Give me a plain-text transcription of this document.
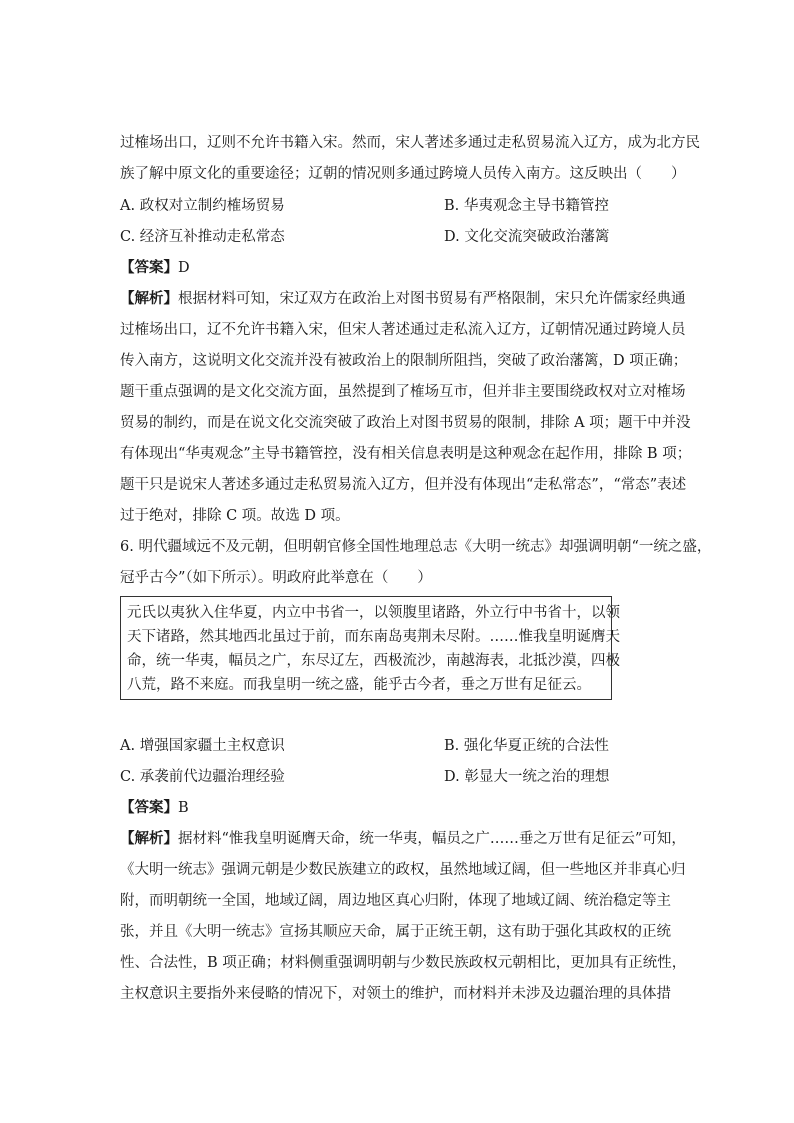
过榷场出口，辽则不允许书籍入宋。然而，宋人著述多通过走私贸易流入辽方，成为北方民
族了解中原文化的重要途径；辽朝的情况则多通过跨境人员传入南方。这反映出（　　）
A. 政权对立制约榷场贸易	B. 华夷观念主导书籍管控
C. 经济互补推动走私常态	D. 文化交流突破政治藩篱
【答案】D
【解析】根据材料可知，宋辽双方在政治上对图书贸易有严格限制，宋只允许儒家经典通
过榷场出口，辽不允许书籍入宋，但宋人著述通过走私流入辽方，辽朝情况通过跨境人员
传入南方，这说明文化交流并没有被政治上的限制所阻挡，突破了政治藩篱，D 项正确；
题干重点强调的是文化交流方面，虽然提到了榷场互市，但并非主要围绕政权对立对榷场
贸易的制约，而是在说文化交流突破了政治上对图书贸易的限制，排除 A 项；题干中并没
有体现出“华夷观念”主导书籍管控，没有相关信息表明是这种观念在起作用，排除 B 项；
题干只是说宋人著述多通过走私贸易流入辽方，但并没有体现出“走私常态”，“常态”表述
过于绝对，排除 C 项。故选 D 项。
6. 明代疆域远不及元朝，但明朝官修全国性地理总志《大明一统志》却强调明朝“一统之盛，
A. 增强国家疆土主权意识	B. 强化华夏正统的合法性
C. 承袭前代边疆治理经验	D. 彰显大一统之治的理想
【答案】B
【解析】据材料“惟我皇明诞膺天命，统一华夷，幅员之广……垂之万世有足征云”可知，
《大明一统志》强调元朝是少数民族建立的政权，虽然地域辽阔，但一些地区并非真心归
附，而明朝统一全国，地域辽阔，周边地区真心归附，体现了地域辽阔、统治稳定等主
张，并且《大明一统志》宣扬其顺应天命，属于正统王朝，这有助于强化其政权的正统
性、合法性，B 项正确；材料侧重强调明朝与少数民族政权元朝相比，更加具有正统性，
主权意识主要指外来侵略的情况下，对领土的维护，而材料并未涉及边疆治理的具体措
冠乎古今”（如下所示）。明政府此举意在（　　）
元氏以夷狄入住华夏，内立中书省一，以领腹里诸路，外立行中书省十，以领
天下诸路，然其地西北虽过于前，而东南岛夷荆未尽附。……惟我皇明诞膺天
命，统一华夷，幅员之广，东尽辽左，西极流沙，南越海表，北抵沙漠，四极
八荒，路不来庭。而我皇明一统之盛，能乎古今者，垂之万世有足征云。
